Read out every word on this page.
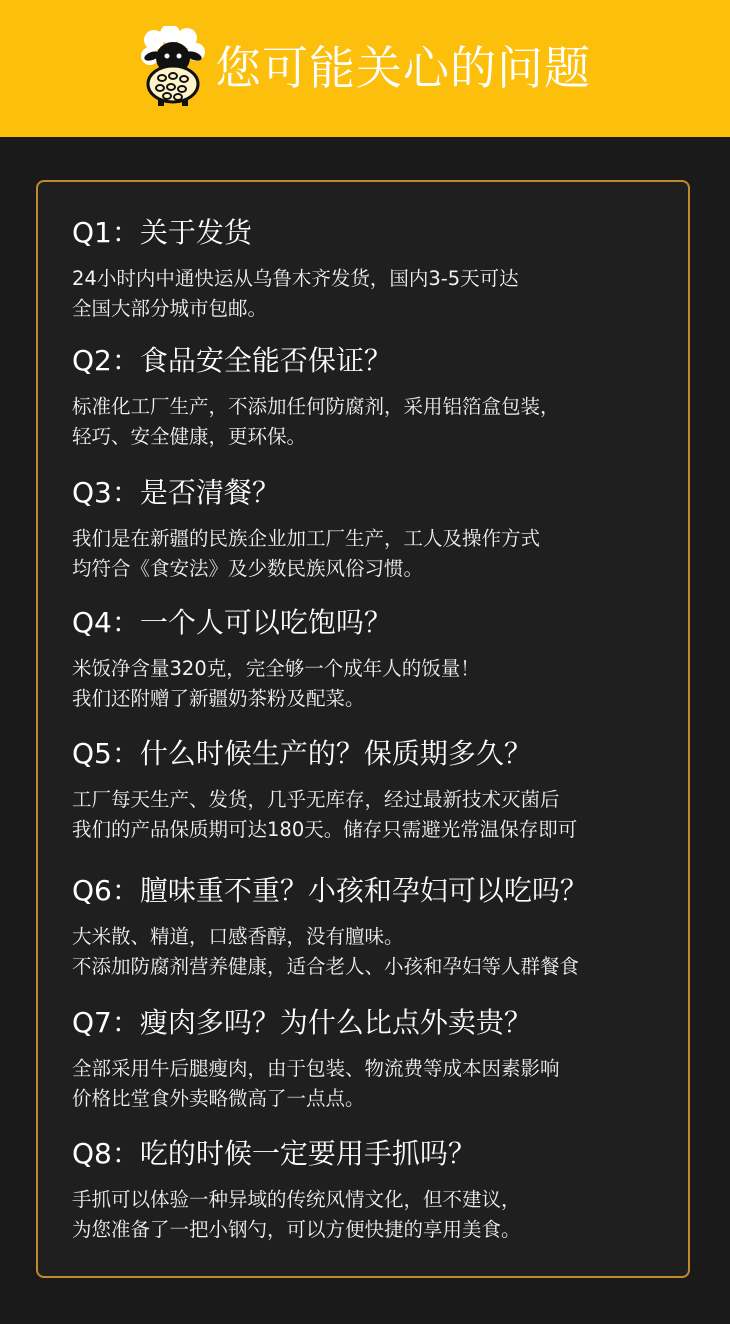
您可能关心的问题
Q1：关于发货
24小时内中通快运从乌鲁木齐发货，国内3-5天可达
全国大部分城市包邮。
Q2：食品安全能否保证？
标准化工厂生产，不添加任何防腐剂，采用铝箔盒包装，
轻巧、安全健康，更环保。
Q3：是否清餐？
我们是在新疆的民族企业加工厂生产，工人及操作方式
均符合《食安法》及少数民族风俗习惯。
Q4：一个人可以吃饱吗？
米饭净含量320克，完全够一个成年人的饭量！
我们还附赠了新疆奶茶粉及配菜。
Q5：什么时候生产的？保质期多久？
工厂每天生产、发货，几乎无库存，经过最新技术灭菌后
我们的产品保质期可达180天。储存只需避光常温保存即可
Q6：膻味重不重？小孩和孕妇可以吃吗？
大米散、精道，口感香醇，没有膻味。
不添加防腐剂营养健康，适合老人、小孩和孕妇等人群餐食
Q7：瘦肉多吗？为什么比点外卖贵？
全部采用牛后腿瘦肉，由于包装、物流费等成本因素影响
价格比堂食外卖略微高了一点点。
Q8：吃的时候一定要用手抓吗？
手抓可以体验一种异域的传统风情文化，但不建议，
为您准备了一把小钢勺，可以方便快捷的享用美食。
